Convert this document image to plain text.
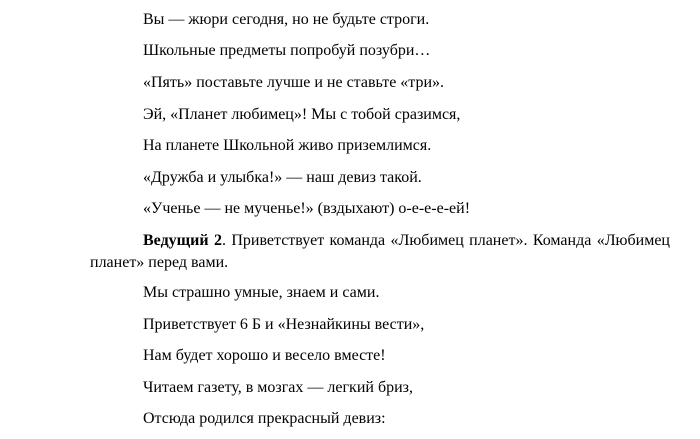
Вы — жюри сегодня, но не будьте строги.
Школьные предметы попробуй позубри…
«Пять» поставьте лучше и не ставьте «три».
Эй, «Планет любимец»! Мы с тобой сразимся,
На планете Школьной живо приземлимся.
«Дружба и улыбка!» — наш девиз такой.
«Ученье — не мученье!» (вздыхают) о-е-е-е-ей!
Ведущий 2. Приветствует команда «Любимец планет». Команда «Любимец планет» перед вами.
Мы страшно умные, знаем и сами.
Приветствует 6 Б и «Незнайкины вести»,
Нам будет хорошо и весело вместе!
Читаем газету, в мозгах — легкий бриз,
Отсюда родился прекрасный девиз:
